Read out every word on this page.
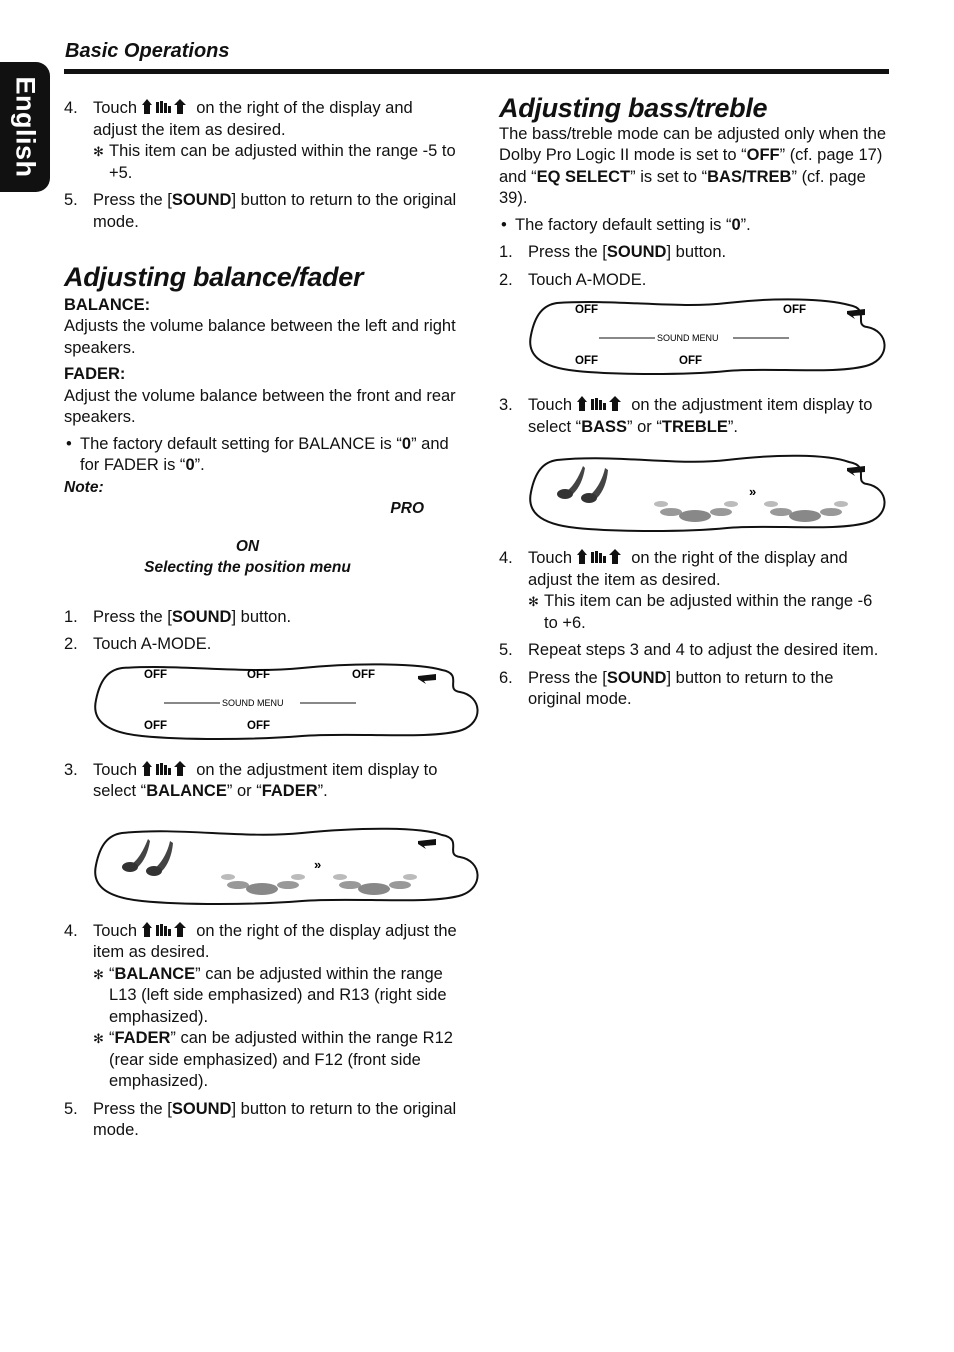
English
Basic Operations
4. Touch	on the right of the display and adjust the item as desired.
✻ This item can be adjusted within the range -5 to +5.
5. Press the [SOUND] button to return to the original mode.
Adjusting balance/fader

BALANCE:

Adjusts the volume balance between the left and right speakers.

FADER:

Adjust the volume balance between the front and rear speakers.

• The factory default setting for BALANCE is “0” and for FADER is “0”.

Note:

PRO

ON

Selecting the position menu

1. Press the [SOUND] button.
2. Touch A-MODE.
OFF	OFF	OFF
OFF	OFF
SOUND MENU
3. Touch	on the adjustment item display to select “BALANCE” or “FADER”.
»
4. Touch	on the right of the display adjust the item as desired.
✻ “BALANCE” can be adjusted within the range L13 (left side emphasized) and R13 (right side emphasized).
✻ “FADER” can be adjusted within the range R12 (rear side emphasized) and F12 (front side emphasized).
5. Press the [SOUND] button to return to the original mode.
Adjusting bass/treble

The bass/treble mode can be adjusted only when the Dolby Pro Logic II mode is set to “OFF” (cf. page 17) and “EQ SELECT” is set to “BAS/TREB” (cf. page 39).

• The factory default setting is “0”.
1. Press the [SOUND] button.
2. Touch A-MODE.
OFF	OFF
OFF	OFF
SOUND MENU
3. Touch	on the adjustment item display to select “BASS” or “TREBLE”.
»
4. Touch	on the right of the display and adjust the item as desired.
✻ This item can be adjusted within the range -6 to +6.
5. Repeat steps 3 and 4 to adjust the desired item.
6. Press the [SOUND] button to return to the original mode.
